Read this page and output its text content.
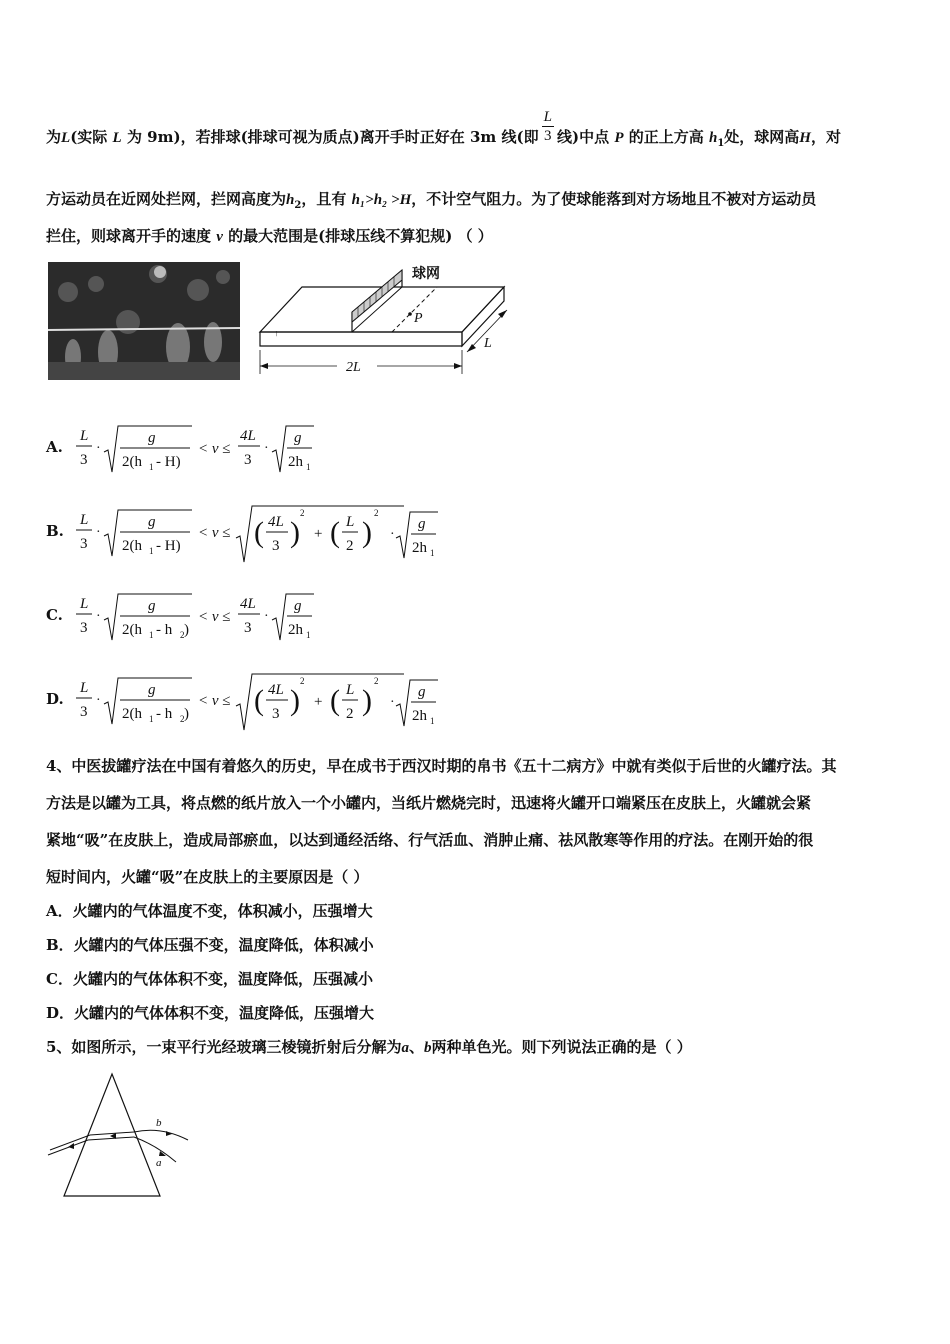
为L(实际 L 为 9m)，若排球(排球可视为质点)离开手时正好在 3m 线(即 $\frac{L}{3}$ 线)中点 P 的正上方高 $h_1$处，球网高H，对
方运动员在近网处拦网，拦网高度为$h_2$，且有 h₁>h₂ >H，不计空气阻力。为了使球能落到对方场地且不被对方运动员
拦住，则球离开手的速度 v 的最大范围是(排球压线不算犯规) （ ）
P
球网
2L
L
↑
A.
L
3
·
g
2(h 1 - H)
< v ≤
4L
3
·
g
2h 1
B.
L
3
·
g
2(h 1 - H)
< v ≤ ( 4L
3 )
2
+ ( L
2 )
2
·
g
2h 1
C.
L
3
·
g
2(h 1 - h 2 )
< v ≤
4L
3
·
g
2h 1
D.
L
3
·
g
2(h 1 - h 2 )
< v ≤ ( 4L
3 )
2
+ ( L
2 )
2
·
g
2h 1
4、中医拔罐疗法在中国有着悠久的历史，早在成书于西汉时期的帛书《五十二病方》中就有类似于后世的火罐疗法。其
方法是以罐为工具，将点燃的纸片放入一个小罐内，当纸片燃烧完时，迅速将火罐开口端紧压在皮肤上，火罐就会紧
紧地“吸”在皮肤上，造成局部瘀血，以达到通经活络、行气活血、消肿止痛、祛风散寒等作用的疗法。在刚开始的很
短时间内，火罐“吸”在皮肤上的主要原因是（ ）
A．火罐内的气体温度不变，体积减小，压强增大
B．火罐内的气体压强不变，温度降低，体积减小
C．火罐内的气体体积不变，温度降低，压强减小
D．火罐内的气体体积不变，温度降低，压强增大
5、如图所示，一束平行光经玻璃三棱镜折射后分解为a、b两种单色光。则下列说法正确的是（ ）
b
a
